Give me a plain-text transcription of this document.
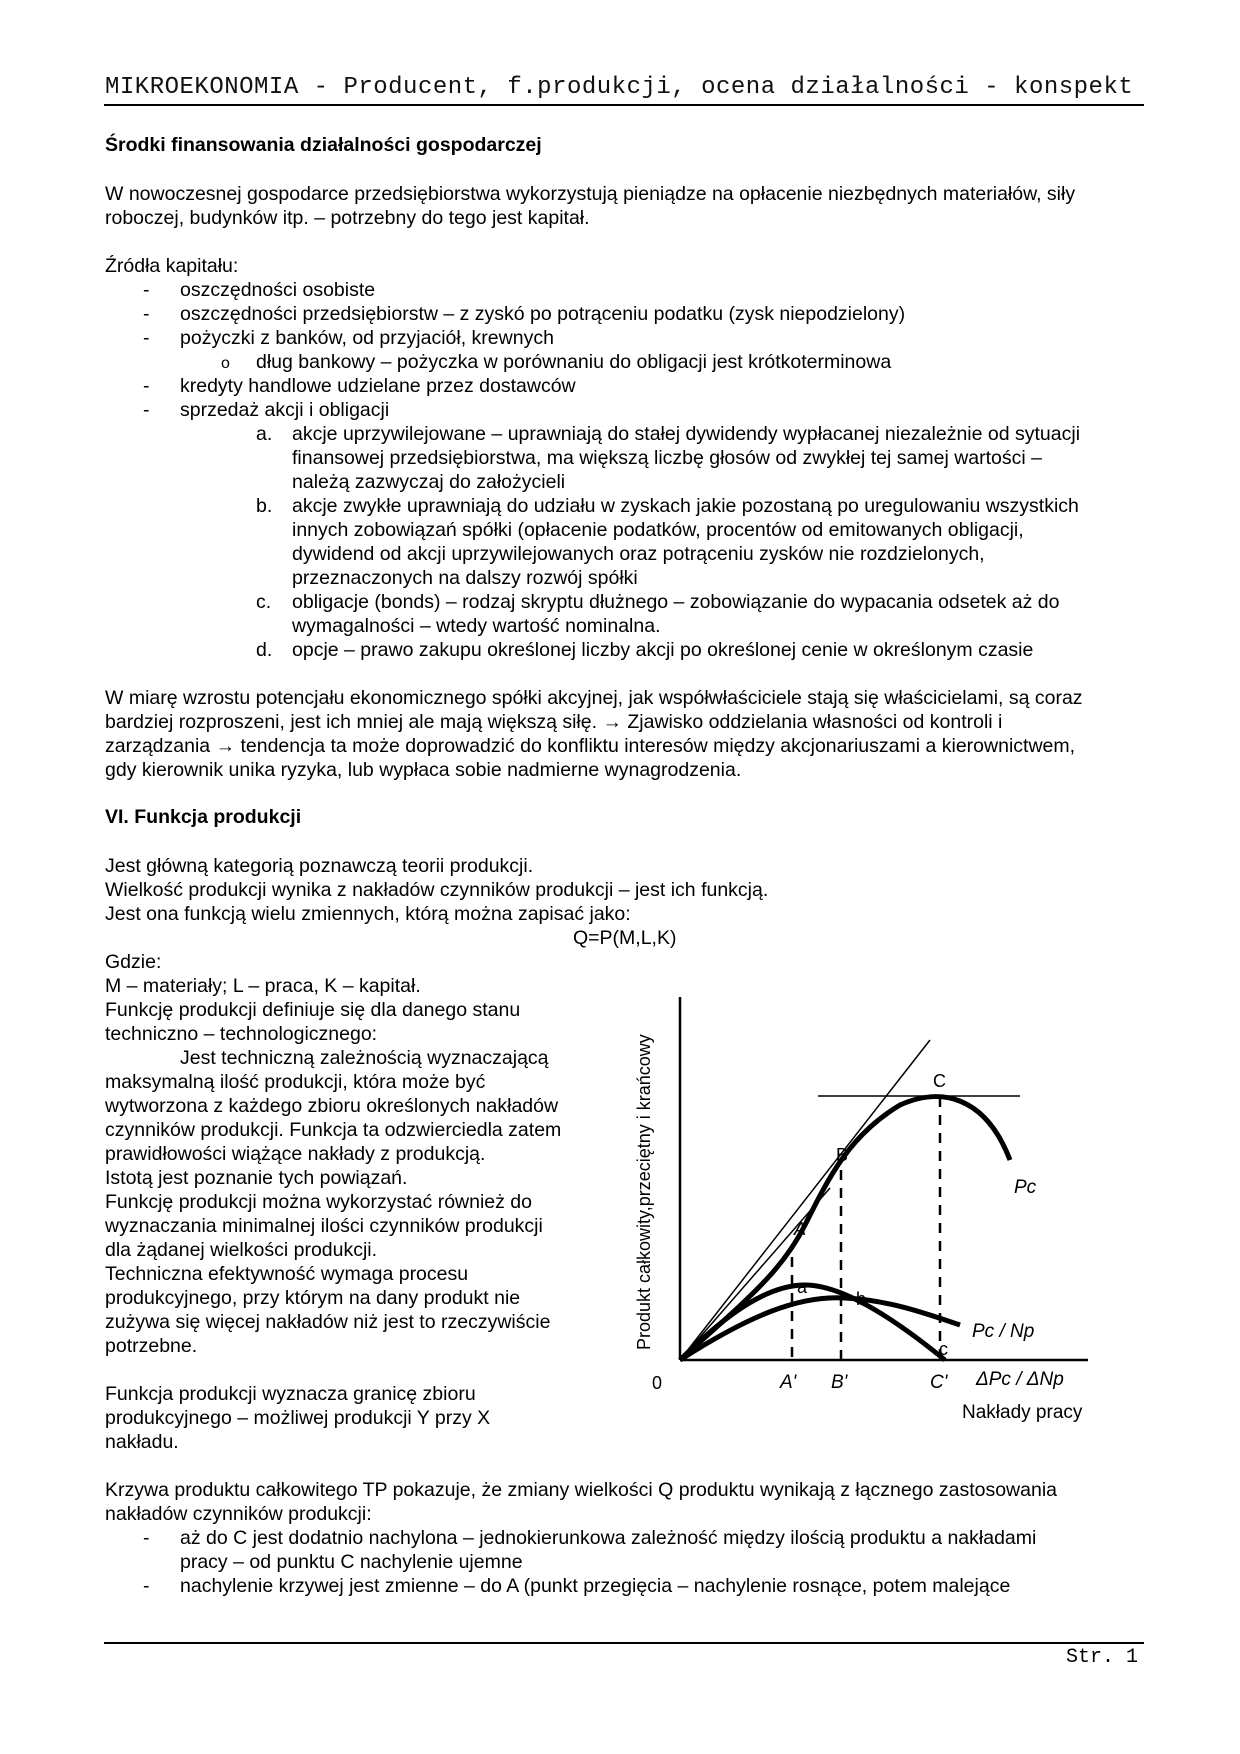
MIKROEKONOMIA - Producent, f.produkcji, ocena działalności - konspekt
Środki finansowania działalności gospodarczej
W nowoczesnej gospodarce przedsiębiorstwa wykorzystują pieniądze na opłacenie niezbędnych materiałów, siły
roboczej, budynków itp. – potrzebny do tego jest kapitał.
Źródła kapitału:
- oszczędności osobiste
- oszczędności przedsiębiorstw – z zyskó po potrąceniu podatku (zysk niepodzielony)
- pożyczki z banków, od przyjaciół, krewnych
o dług bankowy – pożyczka w porównaniu do obligacji jest krótkoterminowa
- kredyty handlowe udzielane przez dostawców
- sprzedaż akcji i obligacji
a. akcje uprzywilejowane – uprawniają do stałej dywidendy wypłacanej niezależnie od sytuacji
finansowej przedsiębiorstwa, ma większą liczbę głosów od zwykłej tej samej wartości –
należą zazwyczaj do założycieli
b. akcje zwykłe uprawniają do udziału w zyskach jakie pozostaną po uregulowaniu wszystkich
innych zobowiązań spółki (opłacenie podatków, procentów od emitowanych obligacji,
dywidend od akcji uprzywilejowanych oraz potrąceniu zysków nie rozdzielonych,
przeznaczonych na dalszy rozwój spółki
c. obligacje (bonds) – rodzaj skryptu dłużnego – zobowiązanie do wypacania odsetek aż do
wymagalności – wtedy wartość nominalna.
d. opcje – prawo zakupu określonej liczby akcji po określonej cenie w określonym czasie
W miarę wzrostu potencjału ekonomicznego spółki akcyjnej, jak współwłaściciele stają się właścicielami, są coraz
bardziej rozproszeni, jest ich mniej ale mają większą siłę. → Zjawisko oddzielania własności od kontroli i
zarządzania → tendencja ta może doprowadzić do konfliktu interesów między akcjonariuszami a kierownictwem,
gdy kierownik unika ryzyka, lub wypłaca sobie nadmierne wynagrodzenia.
VI. Funkcja produkcji
Jest główną kategorią poznawczą teorii produkcji.
Wielkość produkcji wynika z nakładów czynników produkcji – jest ich funkcją.
Jest ona funkcją wielu zmiennych, którą można zapisać jako:
Q=P(M,L,K)
Gdzie:
M – materiały; L – praca, K – kapitał.
Funkcję produkcji definiuje się dla danego stanu
techniczno – technologicznego:
Jest techniczną zależnością wyznaczającą
maksymalną ilość produkcji, która może być
wytworzona z każdego zbioru określonych nakładów
czynników produkcji. Funkcja ta odzwierciedla zatem
prawidłowości wiążące nakłady z produkcją.
Istotą jest poznanie tych powiązań.
Funkcję produkcji można wykorzystać również do
wyznaczania minimalnej ilości czynników produkcji
dla żądanej wielkości produkcji.
Techniczna efektywność wymaga procesu
produkcyjnego, przy którym na dany produkt nie
zużywa się więcej nakładów niż jest to rzeczywiście
potrzebne.
Funkcja produkcji wyznacza granicę zbioru
produkcyjnego – możliwej produkcji Y przy X
nakładu.
Produkt całkowity,przeciętny i krańcowy
Nakłady pracy
0
A
B
C
a
b
c
A' B'	C'
Pc
Pc / Np
ΔPc / ΔNp
Krzywa produktu całkowitego TP pokazuje, że zmiany wielkości Q produktu wynikają z łącznego zastosowania
nakładów czynników produkcji:
- aż do C jest dodatnio nachylona – jednokierunkowa zależność między ilością produktu a nakładami
pracy – od punktu C nachylenie ujemne
- nachylenie krzywej jest zmienne – do A (punkt przegięcia – nachylenie rosnące, potem malejące
Str. 1
